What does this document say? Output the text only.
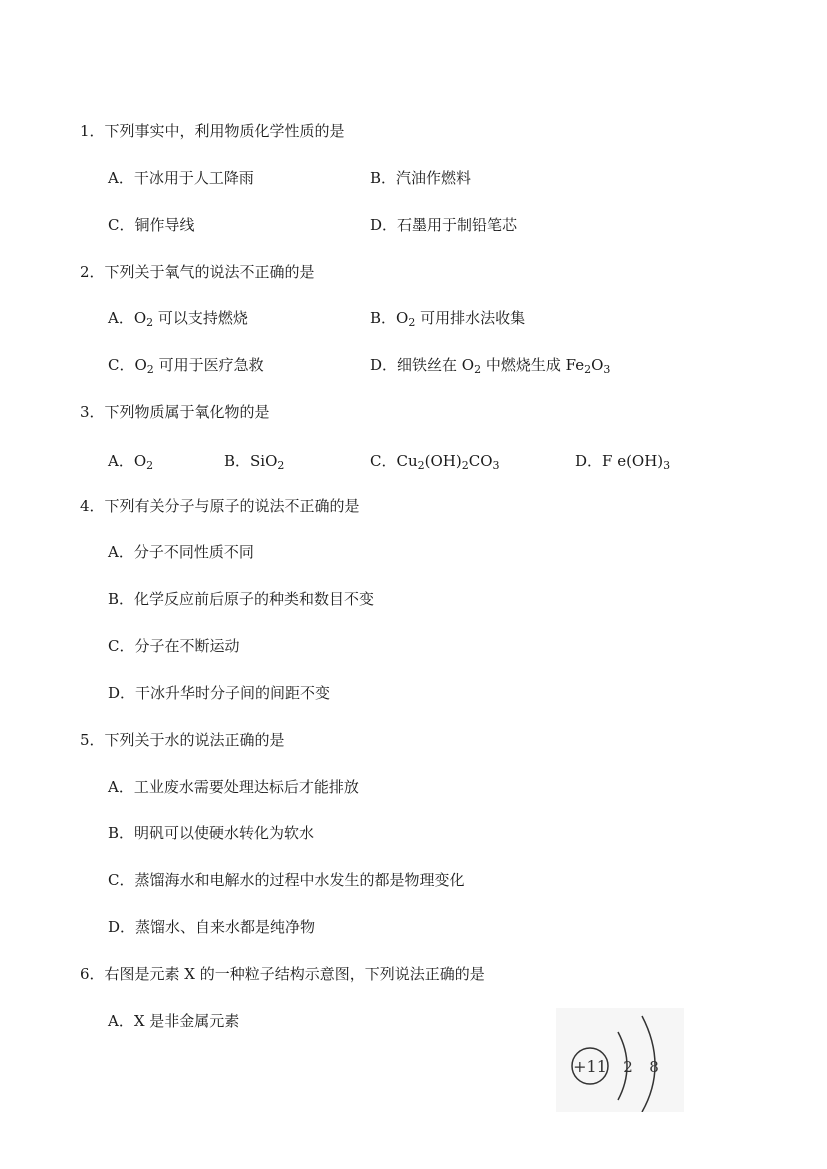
1．下列事实中，利用物质化学性质的是
A．干冰用于人工降雨	B．汽油作燃料
C．铜作导线	D．石墨用于制铅笔芯
2．下列关于氧气的说法不正确的是
A．$O_2$ 可以支持燃烧	B．$O_2$ 可用排水法收集
C．$O_2$ 可用于医疗急救	D．细铁丝在 $O_2$ 中燃烧生成 $Fe_2O_3$
3．下列物质属于氧化物的是
A．$O_2$	B．SiO$_2$	C．$Cu_2(OH)_2CO_3$	D．F $e(OH)_3$
4．下列有关分子与原子的说法不正确的是
A．分子不同性质不同
B．化学反应前后原子的种类和数目不变
C．分子在不断运动
D．干冰升华时分子间的间距不变
5．下列关于水的说法正确的是
A．工业废水需要处理达标后才能排放
B．明矾可以使硬水转化为软水
C．蒸馏海水和电解水的过程中水发生的都是物理变化
D．蒸馏水、自来水都是纯净物
6．右图是元素 X 的一种粒子结构示意图，下列说法正确的是
A．X 是非金属元素
+11 2 8
